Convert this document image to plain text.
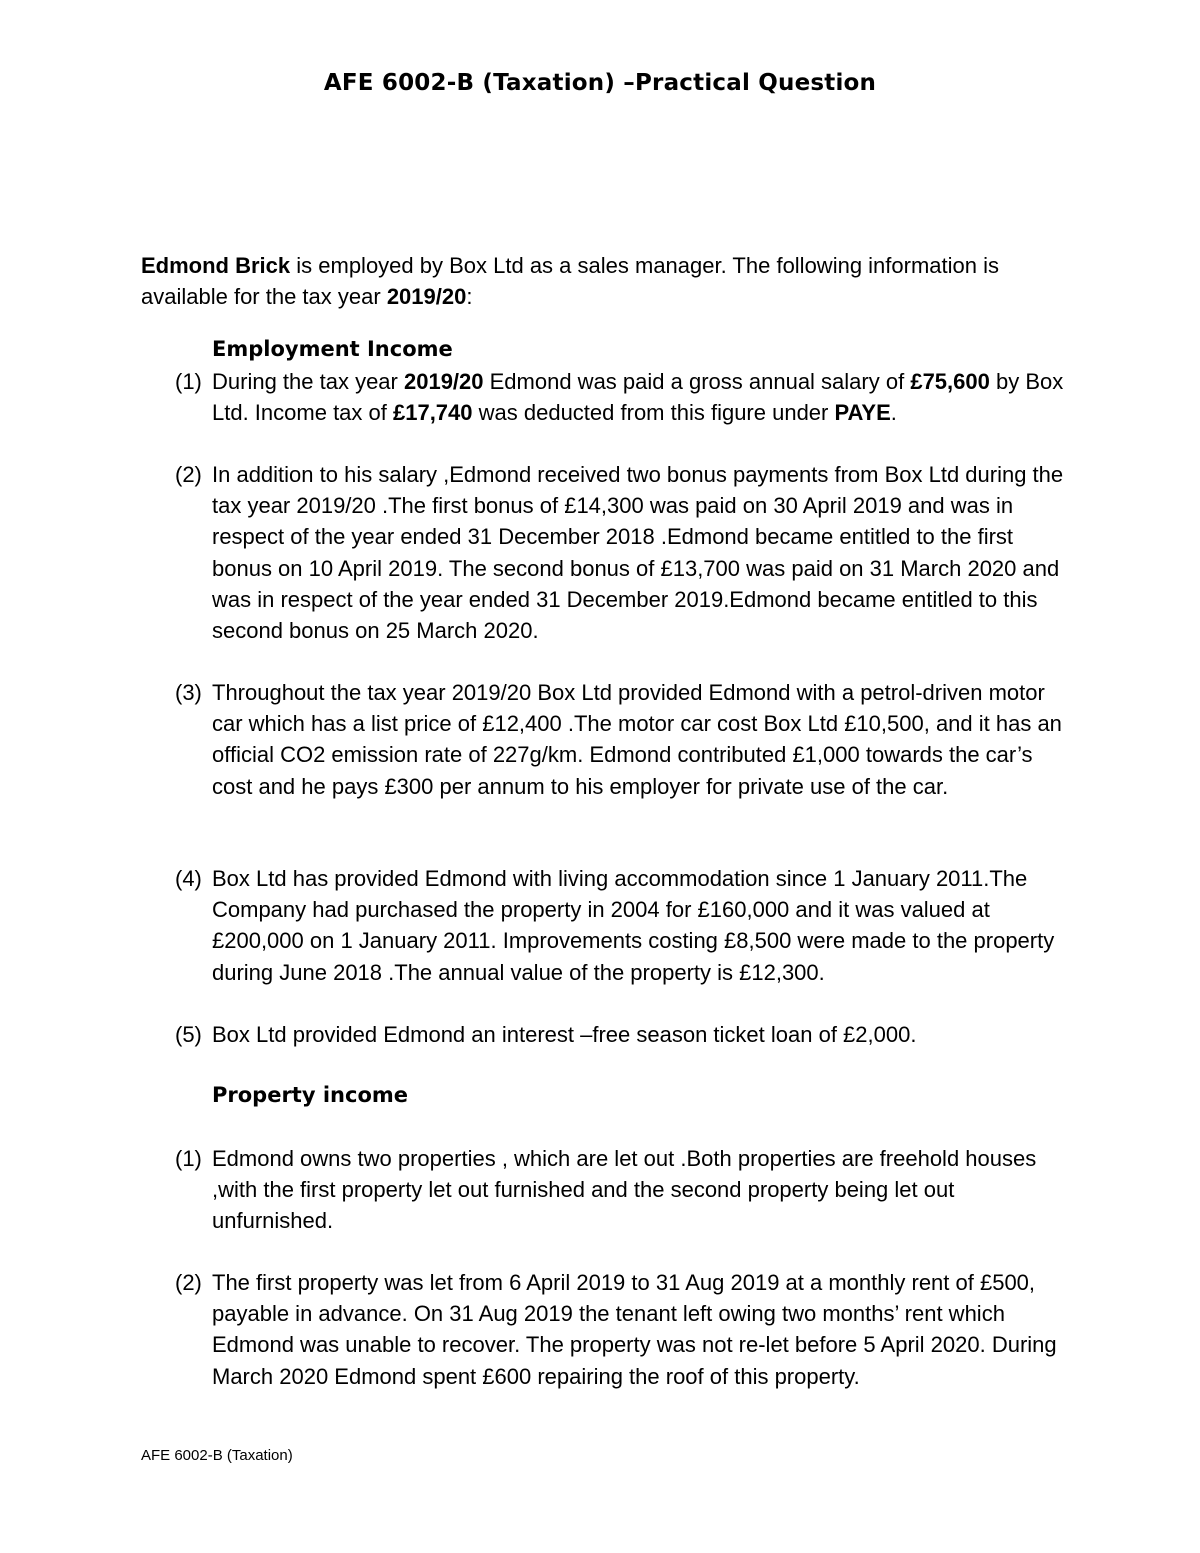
AFE 6002-B (Taxation) –Practical Question
Edmond Brick is employed by Box Ltd as a sales manager. The following information is available for the tax year 2019/20:
Employment Income
(1) During the tax year 2019/20 Edmond was paid a gross annual salary of £75,600 by Box Ltd. Income tax of £17,740 was deducted from this figure under PAYE.
(2) In addition to his salary ,Edmond received two bonus payments from Box Ltd during the tax year 2019/20 .The first bonus of £14,300 was paid on 30 April 2019 and was in respect of the year ended 31 December 2018 .Edmond became entitled to the first bonus on 10 April 2019. The second bonus of £13,700 was paid on 31 March 2020 and was in respect of the year ended 31 December 2019.Edmond became entitled to this second bonus on 25 March 2020.
(3) Throughout the tax year 2019/20 Box Ltd provided Edmond with a petrol-driven motor car which has a list price of £12,400 .The motor car cost Box Ltd £10,500, and it has an official CO2 emission rate of 227g/km. Edmond contributed £1,000 towards the car’s cost and he pays £300 per annum to his employer for private use of the car.
(4) Box Ltd has provided Edmond with living accommodation since 1 January 2011.The Company had purchased the property in 2004 for £160,000 and it was valued at £200,000 on 1 January 2011. Improvements costing £8,500 were made to the property during June 2018 .The annual value of the property is £12,300.
(5) Box Ltd provided Edmond an interest –free season ticket loan of £2,000.
Property income
(1) Edmond owns two properties , which are let out .Both properties are freehold houses ,with the first property let out furnished and the second property being let out unfurnished.
(2) The first property was let from 6 April 2019 to 31 Aug 2019 at a monthly rent of £500, payable in advance. On 31 Aug 2019 the tenant left owing two months’ rent which Edmond was unable to recover. The property was not re-let before 5 April 2020. During March 2020 Edmond spent £600 repairing the roof of this property.
AFE 6002-B (Taxation)
